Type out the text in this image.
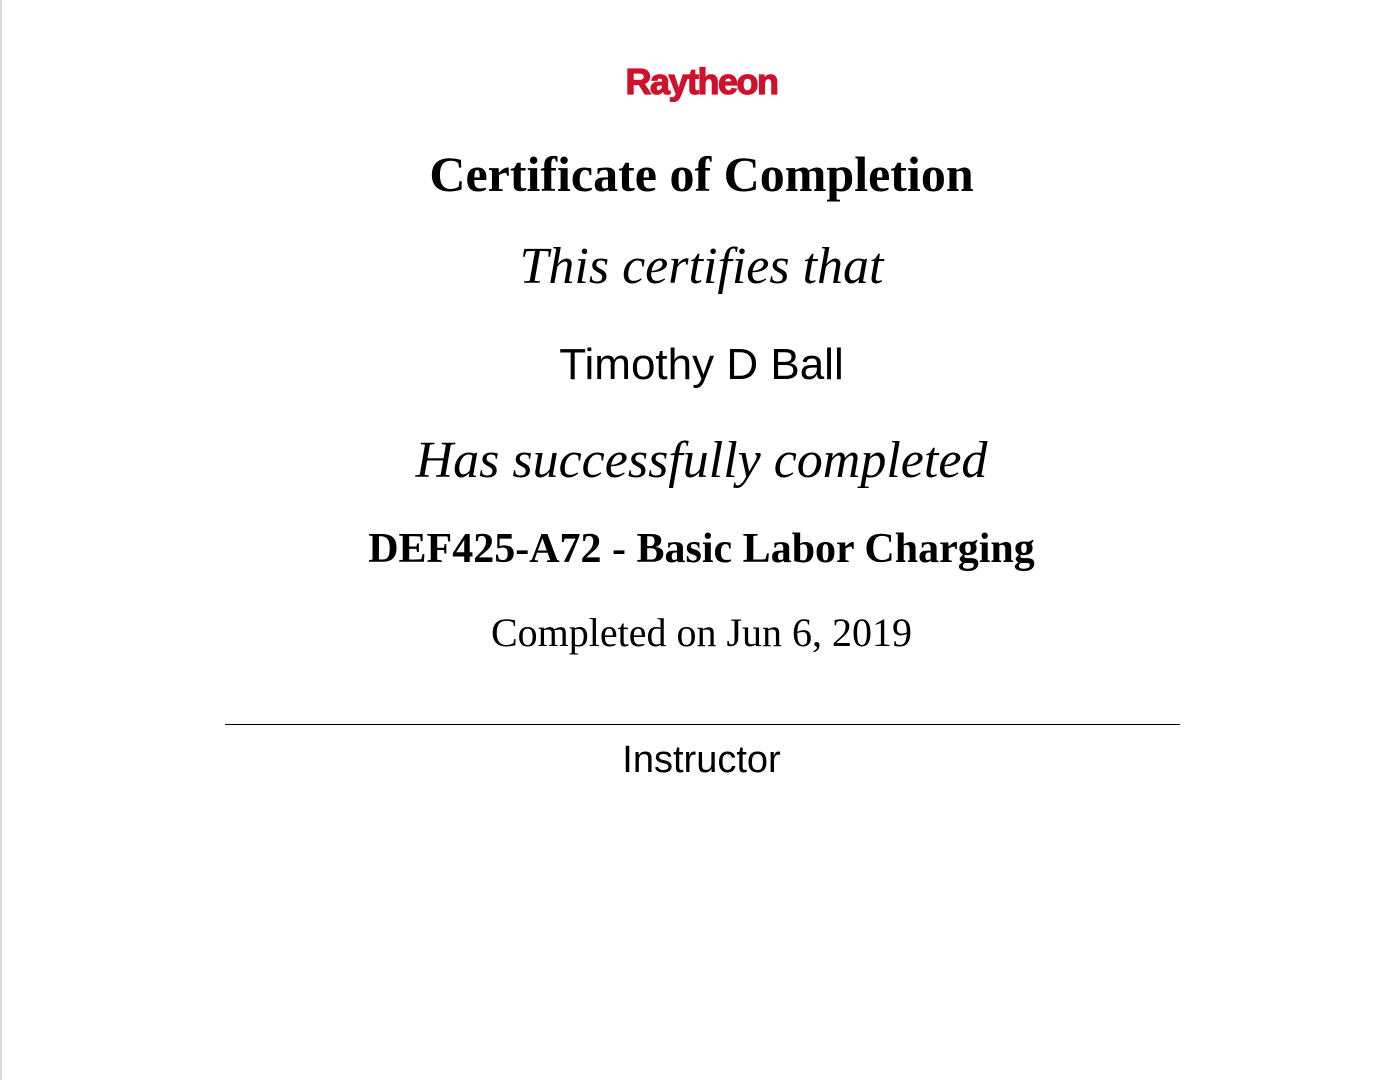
Raytheon
Certificate of Completion
This certifies that
Timothy D Ball
Has successfully completed
DEF425-A72 - Basic Labor Charging
Completed on Jun 6, 2019
Instructor
